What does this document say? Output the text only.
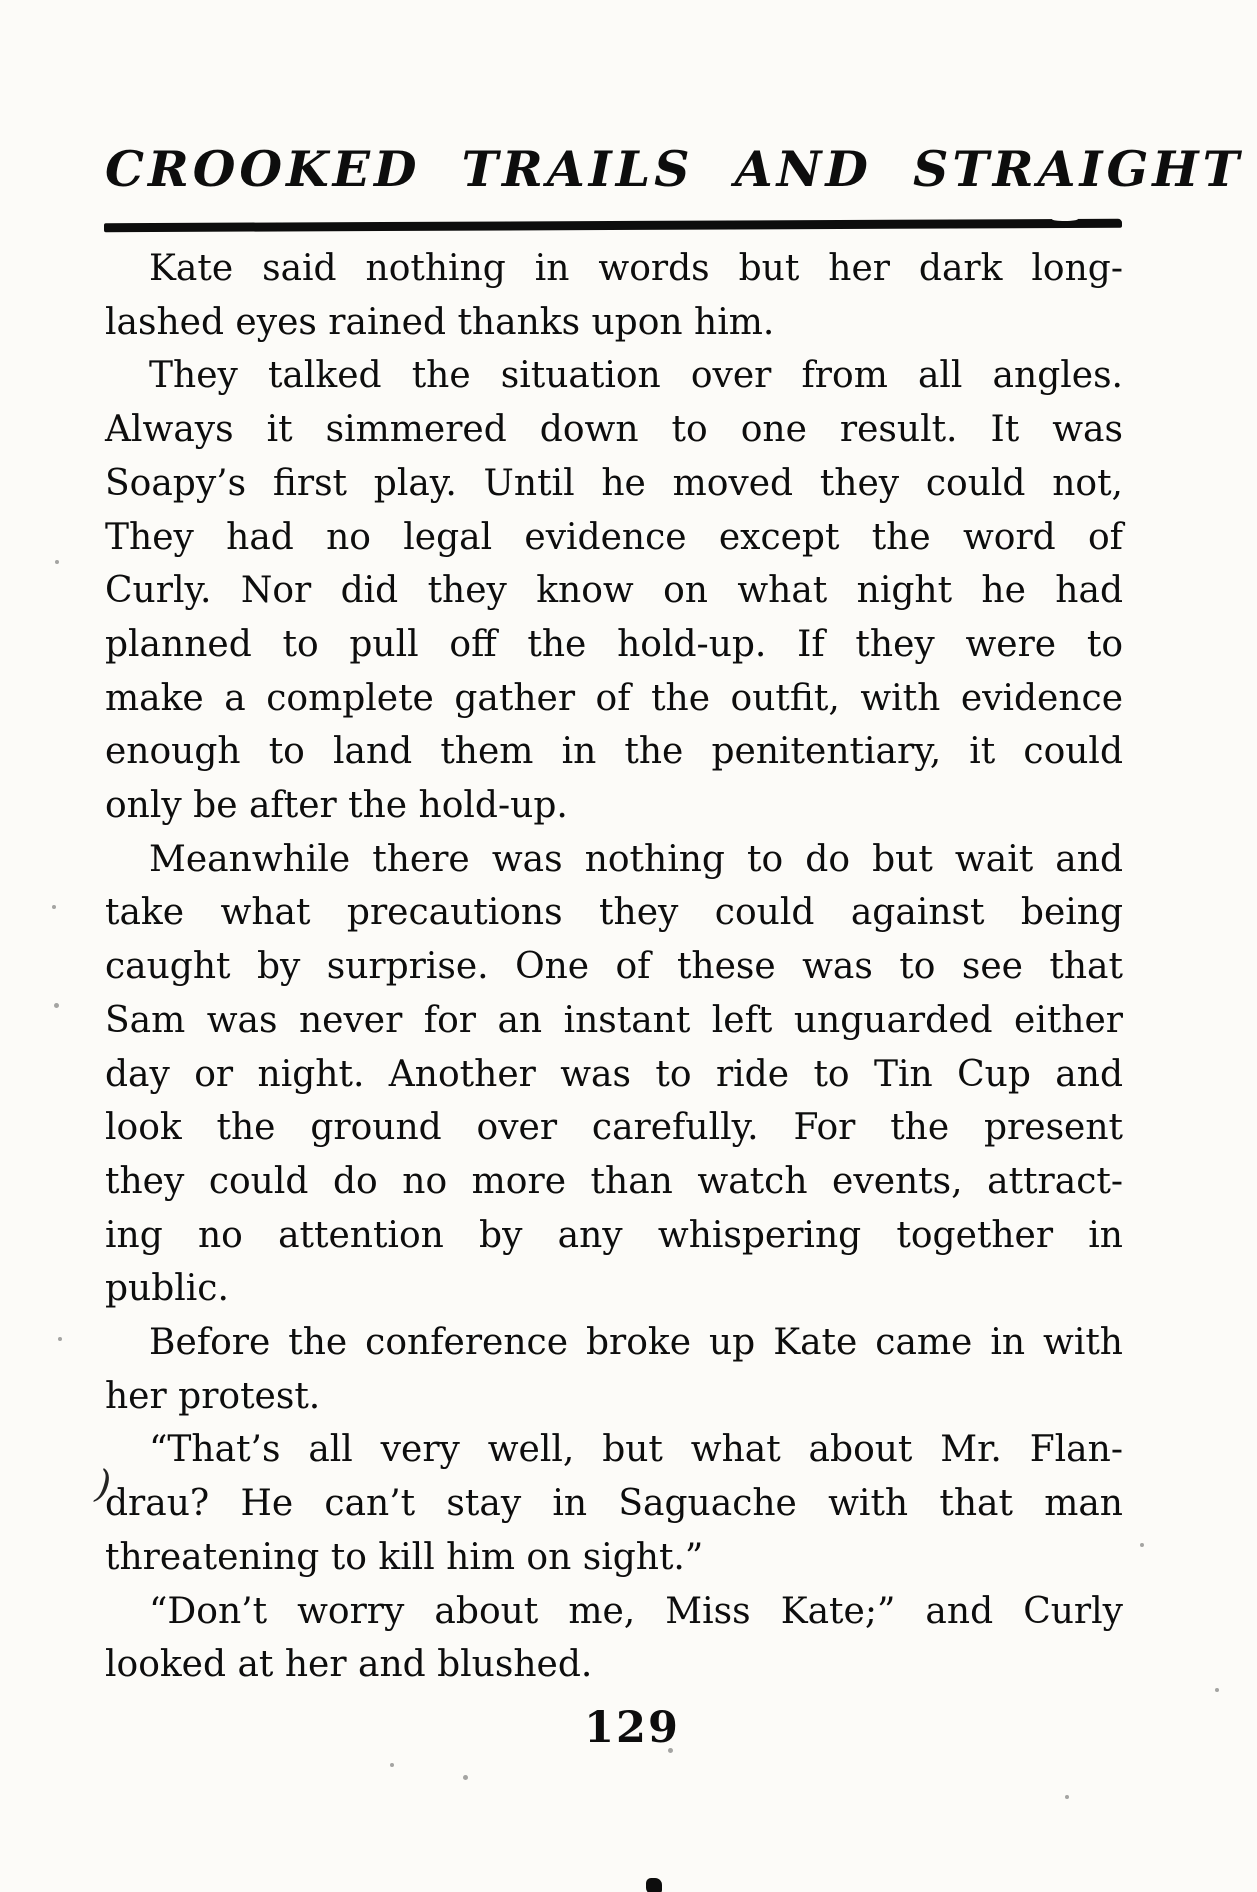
CROOKED TRAILS AND STRAIGHT
Kate said nothing in words but her dark long-
lashed eyes rained thanks upon him.
They talked the situation over from all angles.
Always it simmered down to one result. It was
Soapy’s first play. Until he moved they could not,
They had no legal evidence except the word of
Curly. Nor did they know on what night he had
planned to pull off the hold-up. If they were to
make a complete gather of the outfit, with evidence
enough to land them in the penitentiary, it could
only be after the hold-up.
Meanwhile there was nothing to do but wait and
take what precautions they could against being
caught by surprise. One of these was to see that
Sam was never for an instant left unguarded either
day or night. Another was to ride to Tin Cup and
look the ground over carefully. For the present
they could do no more than watch events, attract-
ing no attention by any whispering together in
public.
Before the conference broke up Kate came in with
her protest.
“That’s all very well, but what about Mr. Flan-
drau? He can’t stay in Saguache with that man
threatening to kill him on sight.”
“Don’t worry about me, Miss Kate;” and Curly
looked at her and blushed.
129
)
